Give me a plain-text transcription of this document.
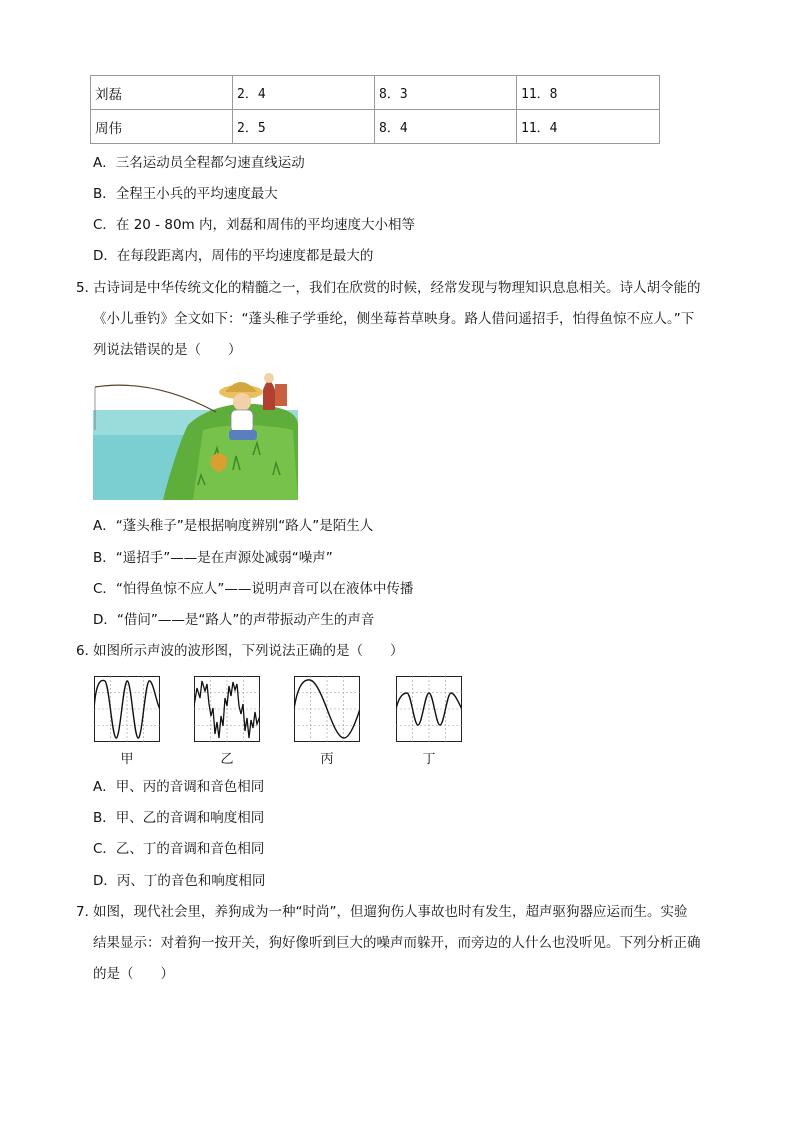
刘磊	2．4	8．3	11．8
周伟	2．5	8．4	11．4
A．三名运动员全程都匀速直线运动
B．全程王小兵的平均速度最大
C．在 20 - 80m 内，刘磊和周伟的平均速度大小相等
D．在每段距离内，周伟的平均速度都是最大的
5．
古诗词是中华传统文化的精髓之一，我们在欣赏的时候，经常发现与物理知识息息相关。诗人胡令能的
《小儿垂钓》全文如下：“蓬头稚子学垂纶，侧坐莓苔草映身。路人借问遥招手，怕得鱼惊不应人。”下
列说法错误的是（　　）
A．“蓬头稚子”是根据响度辨别“路人”是陌生人
B．“遥招手”——是在声源处减弱“噪声”
C．“怕得鱼惊不应人”——说明声音可以在液体中传播
D．“借问”——是“路人”的声带振动产生的声音
6．
如图所示声波的波形图，下列说法正确的是（　　）
甲	乙	丙	丁
A．甲、丙的音调和音色相同
B．甲、乙的音调和响度相同
C．乙、丁的音调和音色相同
D．丙、丁的音色和响度相同
7．
如图，现代社会里，养狗成为一种“时尚”，但遛狗伤人事故也时有发生，超声驱狗器应运而生。实验
结果显示：对着狗一按开关，狗好像听到巨大的噪声而躲开，而旁边的人什么也没听见。下列分析正确
的是（　　）
